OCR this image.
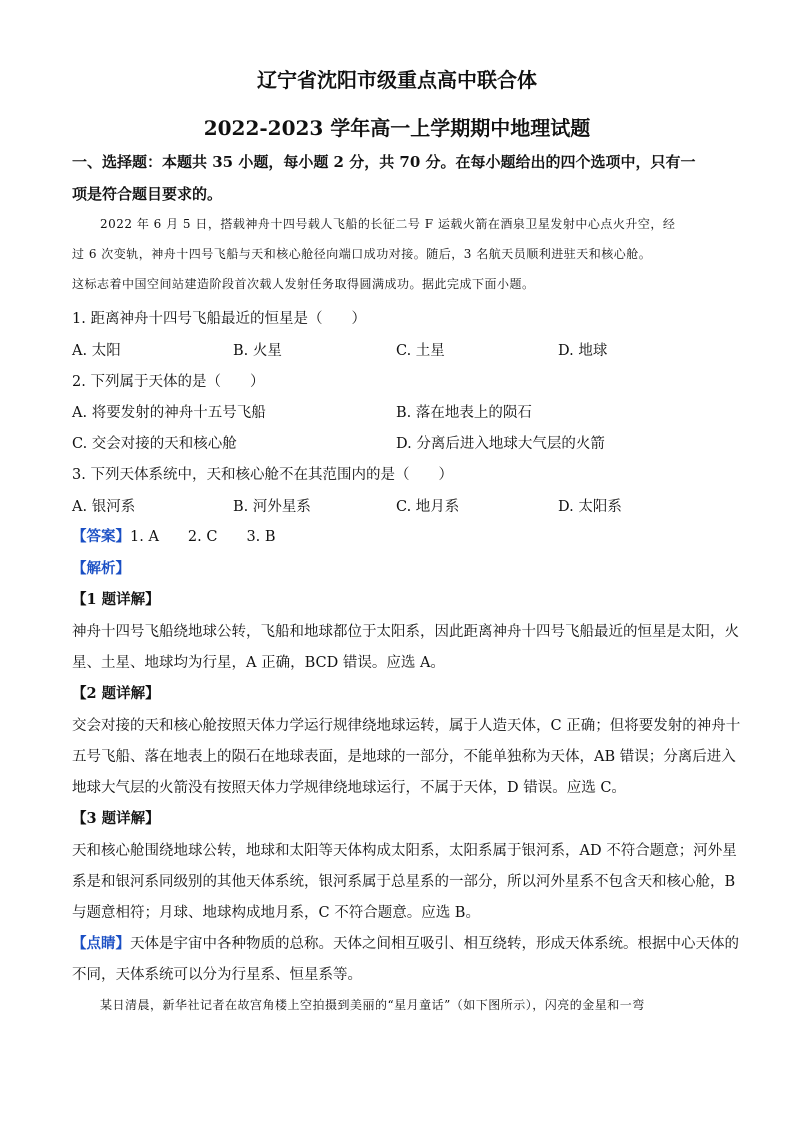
辽宁省沈阳市级重点高中联合体
2022-2023 学年高一上学期期中地理试题
一、选择题：本题共 35 小题，每小题 2 分，共 70 分。在每小题给出的四个选项中，只有一
项是符合题目要求的。
2022 年 6 月 5 日，搭载神舟十四号载人飞船的长征二号 F 运载火箭在酒泉卫星发射中心点火升空，经
过 6 次变轨，神舟十四号飞船与天和核心舱径向端口成功对接。随后，3 名航天员顺利进驻天和核心舱。
这标志着中国空间站建造阶段首次载人发射任务取得圆满成功。据此完成下面小题。
1. 距离神舟十四号飞船最近的恒星是（　　）
A. 太阳	B. 火星	C. 土星	D. 地球
2. 下列属于天体的是（　　）
A. 将要发射的神舟十五号飞船	B. 落在地表上的陨石
C. 交会对接的天和核心舱	D. 分离后进入地球大气层的火箭
3. 下列天体系统中，天和核心舱不在其范围内的是（　　）
A. 银河系	B. 河外星系	C. 地月系	D. 太阳系
【答案】1. A　　2. C　　3. B
【解析】
【1 题详解】
神舟十四号飞船绕地球公转，飞船和地球都位于太阳系，因此距离神舟十四号飞船最近的恒星是太阳，火
星、土星、地球均为行星，A 正确，BCD 错误。应选 A。
【2 题详解】
交会对接的天和核心舱按照天体力学运行规律绕地球运转，属于人造天体，C 正确；但将要发射的神舟十
五号飞船、落在地表上的陨石在地球表面，是地球的一部分，不能单独称为天体，AB 错误；分离后进入
地球大气层的火箭没有按照天体力学规律绕地球运行，不属于天体，D 错误。应选 C。
【3 题详解】
天和核心舱围绕地球公转，地球和太阳等天体构成太阳系，太阳系属于银河系，AD 不符合题意；河外星
系是和银河系同级别的其他天体系统，银河系属于总星系的一部分，所以河外星系不包含天和核心舱，B
与题意相符；月球、地球构成地月系，C 不符合题意。应选 B。
【点睛】天体是宇宙中各种物质的总称。天体之间相互吸引、相互绕转，形成天体系统。根据中心天体的
不同，天体系统可以分为行星系、恒星系等。
某日清晨，新华社记者在故宫角楼上空拍摄到美丽的“星月童话”（如下图所示），闪亮的金星和一弯
